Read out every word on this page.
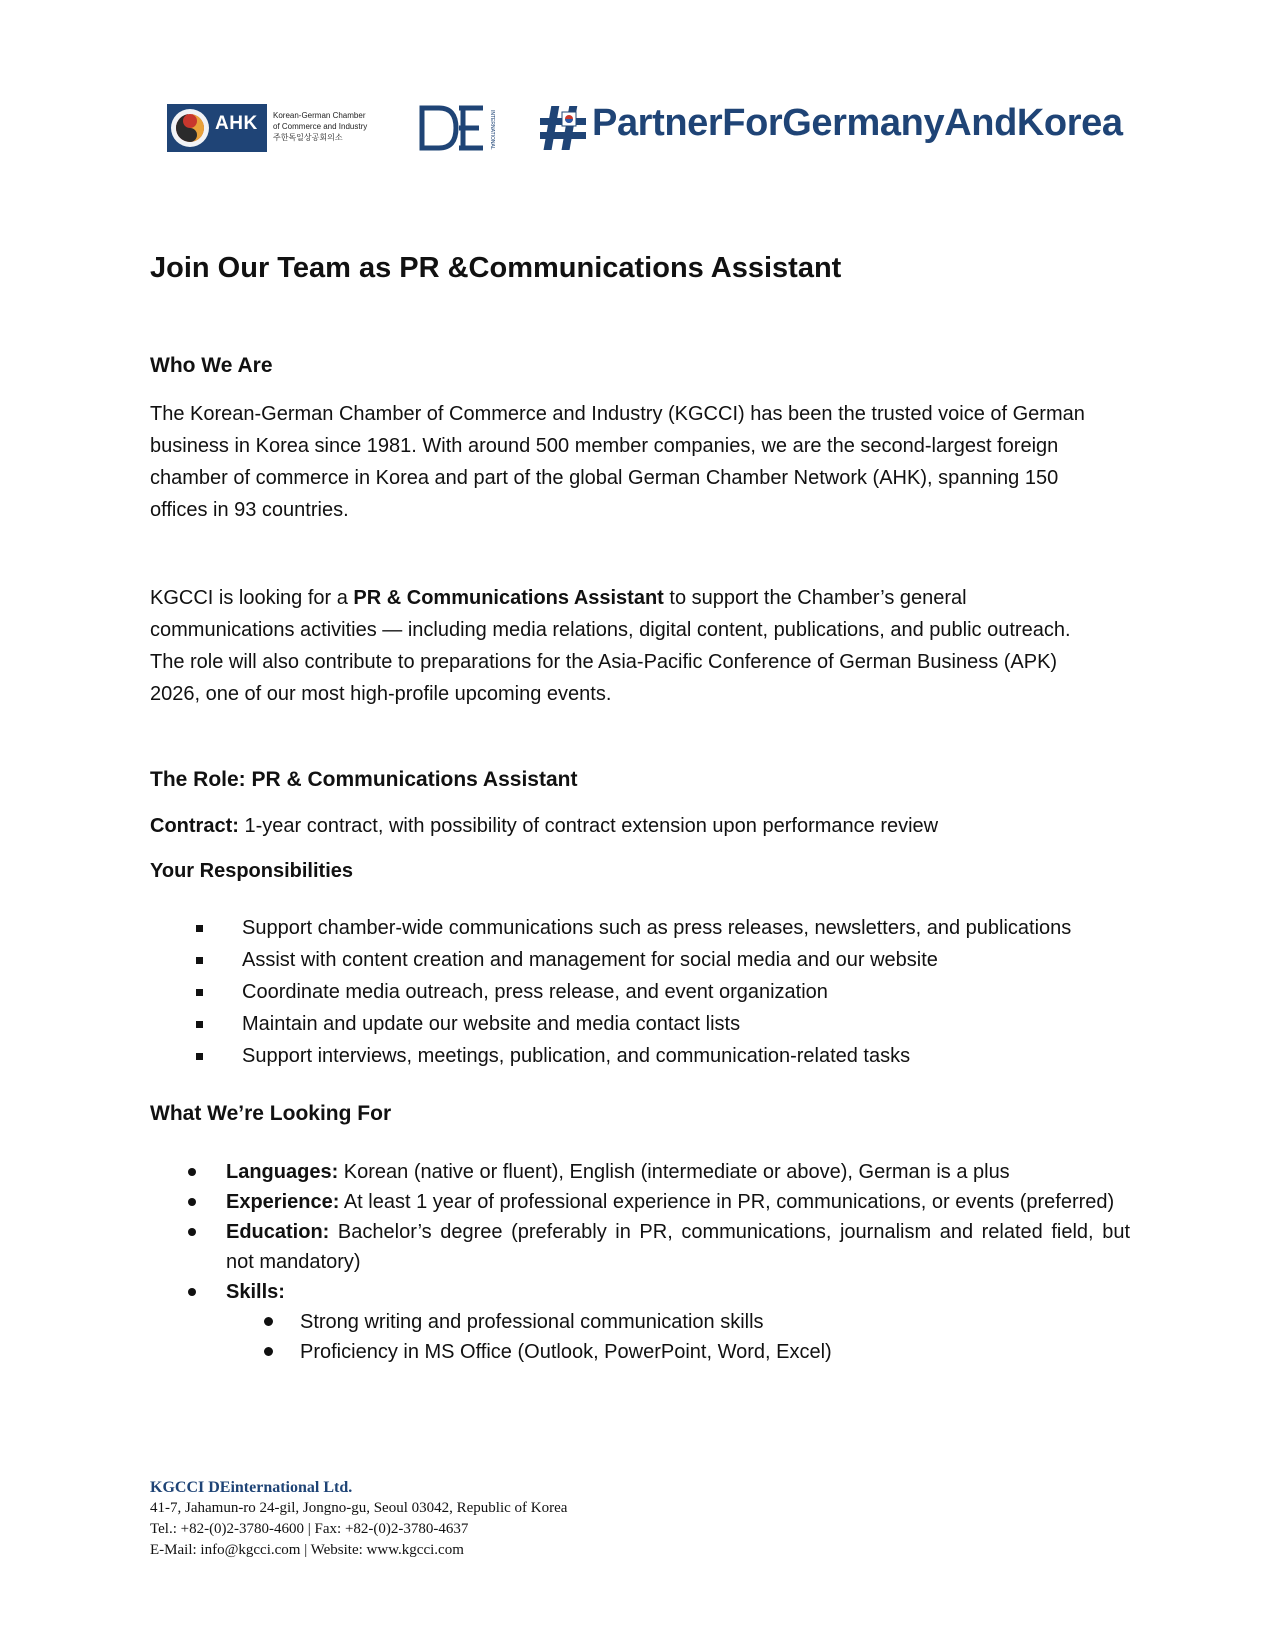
AHK Korean-German Chamber
of Commerce and Industry
주한독일상공회의소	INTERNATIONAL	PartnerForGermanyAndKorea
Join Our Team as PR &Communications Assistant
Who We Are

The Korean-German Chamber of Commerce and Industry (KGCCI) has been the trusted voice of German business in Korea since 1981. With around 500 member companies, we are the second-largest foreign chamber of commerce in Korea and part of the global German Chamber Network (AHK), spanning 150 offices in 93 countries.

KGCCI is looking for a PR & Communications Assistant to support the Chamber’s general communications activities — including media relations, digital content, publications, and public outreach. The role will also contribute to preparations for the Asia-Pacific Conference of German Business (APK) 2026, one of our most high-profile upcoming events.

The Role: PR & Communications Assistant
Contract: 1-year contract, with possibility of contract extension upon performance review
Your Responsibilities
Support chamber-wide communications such as press releases, newsletters, and publications
Assist with content creation and management for social media and our website
Coordinate media outreach, press release, and event organization
Maintain and update our website and media contact lists
Support interviews, meetings, publication, and communication-related tasks
What We’re Looking For
Languages: Korean (native or fluent), English (intermediate or above), German is a plus
Experience: At least 1 year of professional experience in PR, communications, or events (preferred)
Education: Bachelor’s degree (preferably in PR, communications, journalism and related field, but not mandatory)
Skills:
Strong writing and professional communication skills
Proficiency in MS Office (Outlook, PowerPoint, Word, Excel)
KGCCI DEinternational Ltd.
41-7, Jahamun-ro 24-gil, Jongno-gu, Seoul 03042, Republic of Korea
Tel.: +82-(0)2-3780-4600 | Fax: +82-(0)2-3780-4637
E-Mail: info@kgcci.com | Website: www.kgcci.com
